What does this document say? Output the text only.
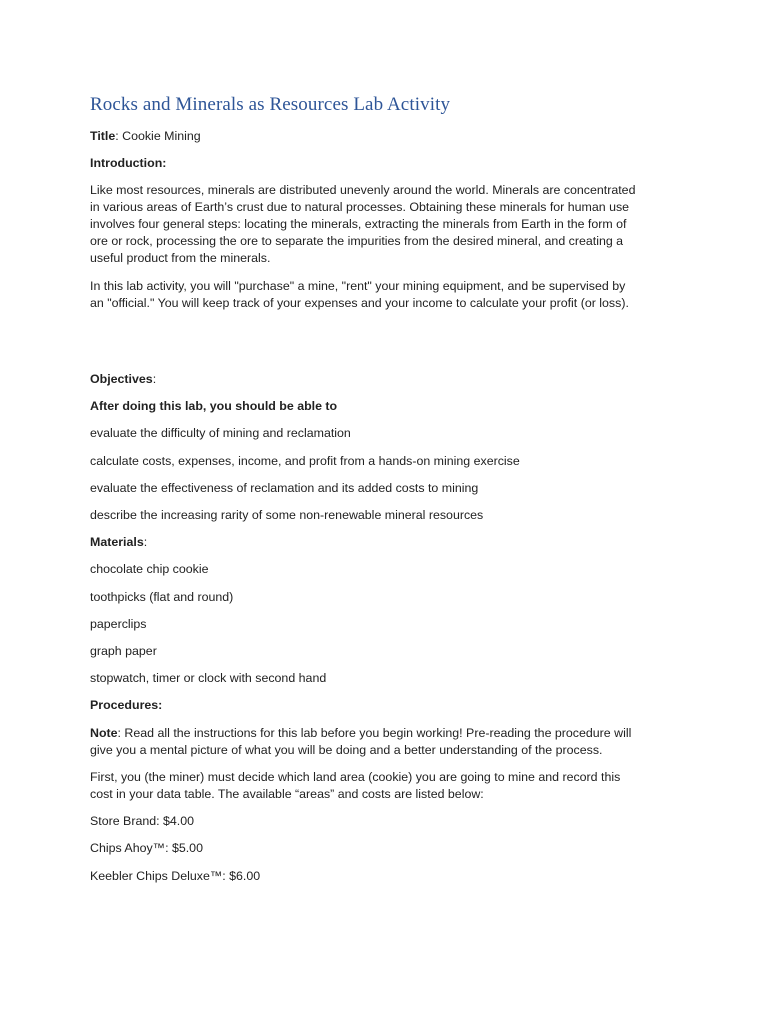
Rocks and Minerals as Resources Lab Activity

Title: Cookie Mining

Introduction:

Like most resources, minerals are distributed unevenly around the world. Minerals are concentrated

in various areas of Earth’s crust due to natural processes. Obtaining these minerals for human use

involves four general steps: locating the minerals, extracting the minerals from Earth in the form of

ore or rock, processing the ore to separate the impurities from the desired mineral, and creating a

useful product from the minerals.

In this lab activity, you will "purchase" a mine, "rent" your mining equipment, and be supervised by

an "official." You will keep track of your expenses and your income to calculate your profit (or loss).

Objectives:

After doing this lab, you should be able to

evaluate the difficulty of mining and reclamation

calculate costs, expenses, income, and profit from a hands-on mining exercise

evaluate the effectiveness of reclamation and its added costs to mining

describe the increasing rarity of some non-renewable mineral resources

Materials:

chocolate chip cookie

toothpicks (flat and round)

paperclips

graph paper

stopwatch, timer or clock with second hand

Procedures:

Note: Read all the instructions for this lab before you begin working! Pre-reading the procedure will

give you a mental picture of what you will be doing and a better understanding of the process.

First, you (the miner) must decide which land area (cookie) you are going to mine and record this

cost in your data table. The available “areas” and costs are listed below:

Store Brand: $4.00

Chips Ahoy™: $5.00

Keebler Chips Deluxe™: $6.00
